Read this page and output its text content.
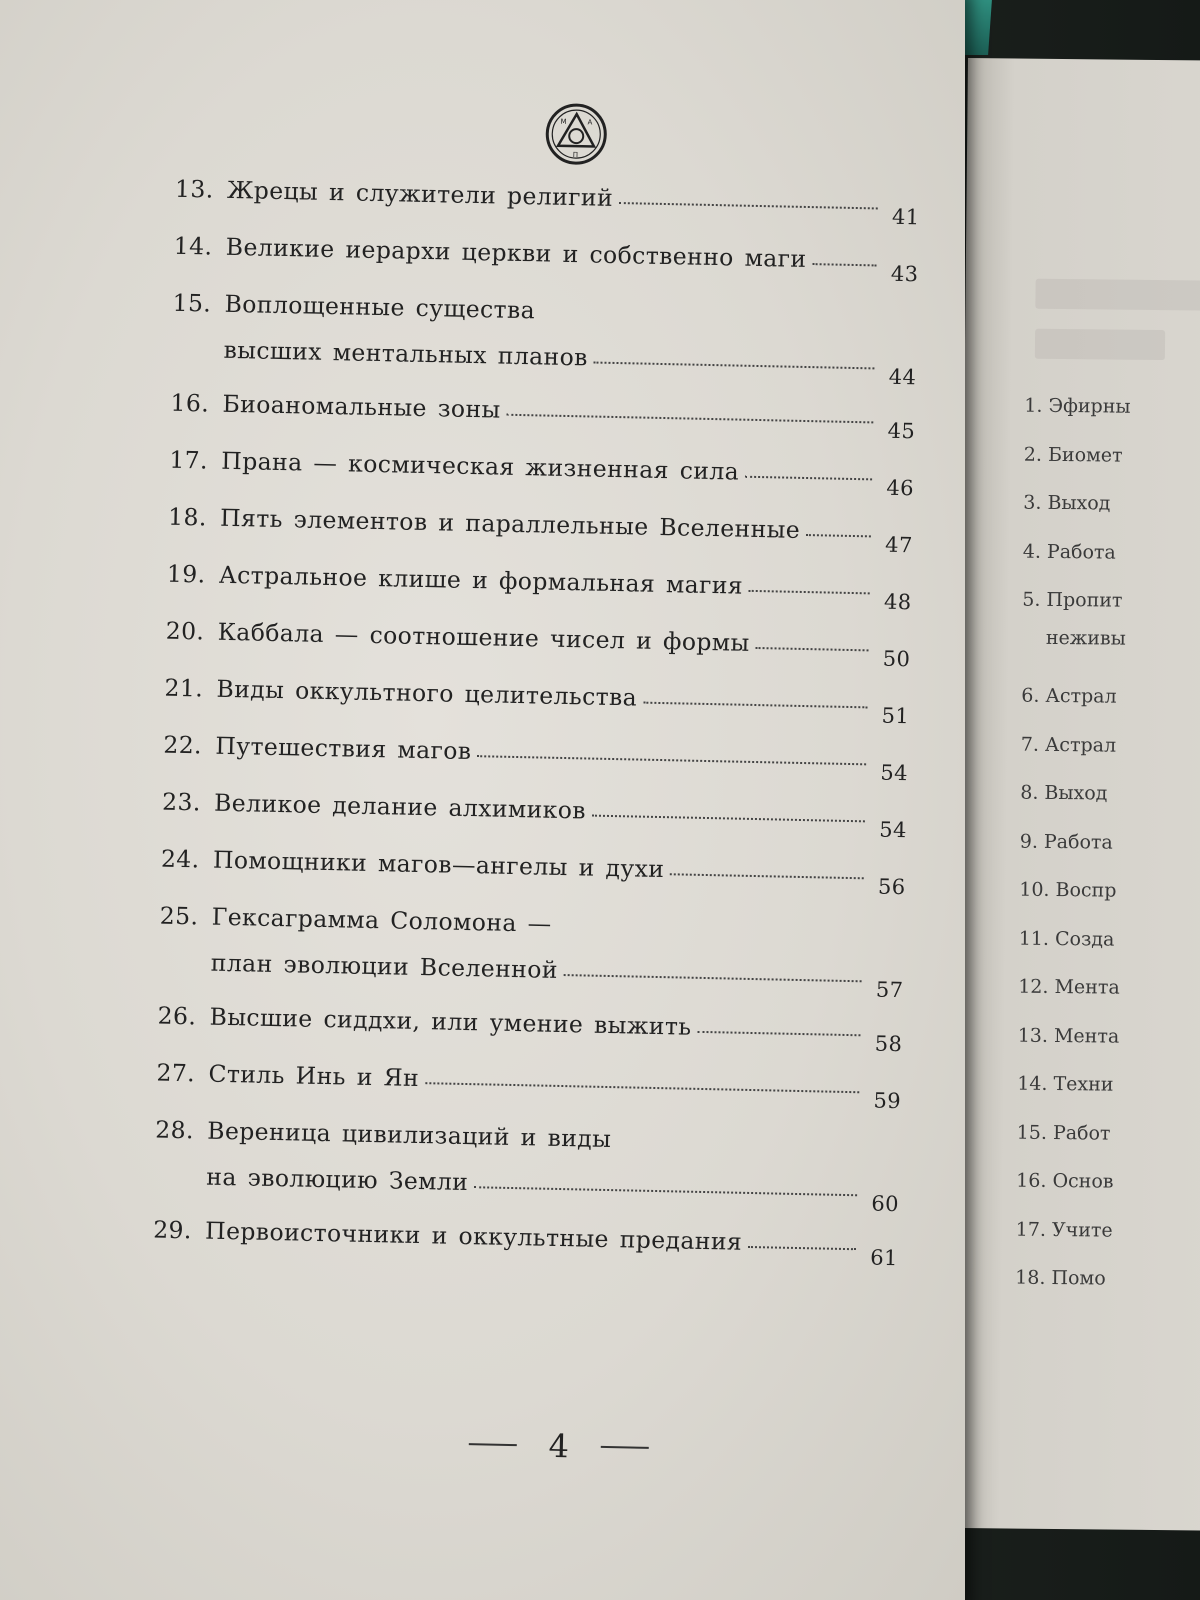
1. Эфирны
2. Биомет
3. Выход
4. Работа
5. Пропит
неживы
6. Астрал
7. Астрал
8. Выход
9. Работа
10. Воспр
11. Созда
12. Мента
13. Мента
14. Техни
15. Работ
16. Основ
17. Учите
18. Помо
М	А
П
13. Жрецы и служители религий
41
14. Великие иерархи церкви и собственно маги
43
15. Воплощенные существа
высших ментальных планов
44
16. Биоаномальные зоны
45
17. Прана — космическая жизненная сила
46
18. Пять элементов и параллельные Вселенные
47
19. Астральное клише и формальная магия
48
20. Каббала — соотношение чисел и формы
50
21. Виды оккультного целительства
51
22. Путешествия магов
54
23. Великое делание алхимиков
54
24. Помощники магов—ангелы и духи
56
25. Гексаграмма Соломона —
план эволюции Вселенной
57
26. Высшие сиддхи, или умение выжить
58
27. Стиль Инь и Ян
59
28. Вереница цивилизаций и виды
на эволюцию Земли
60
29. Первоисточники и оккультные предания
61
4
